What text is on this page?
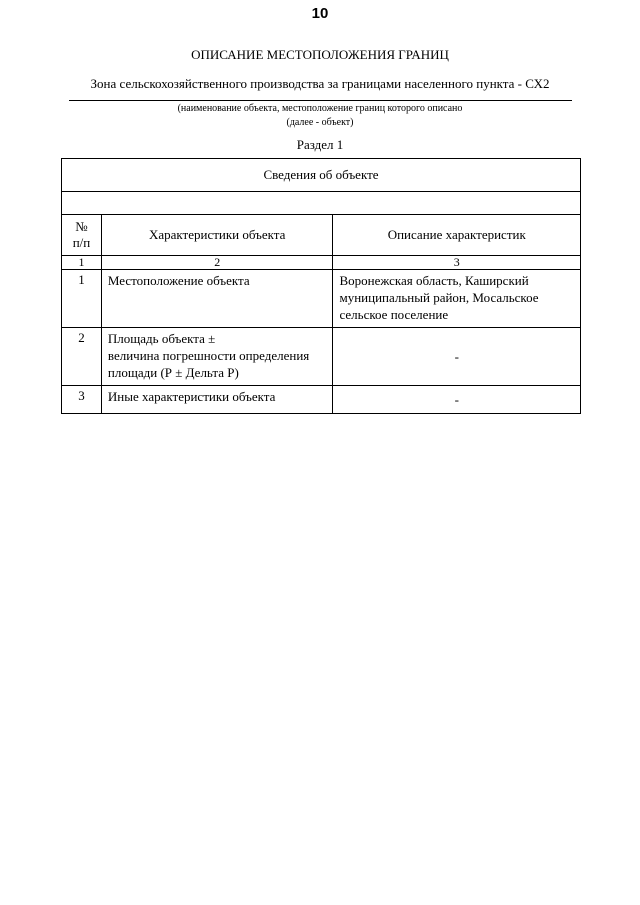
10
ОПИСАНИЕ МЕСТОПОЛОЖЕНИЯ ГРАНИЦ
Зона сельскохозяйственного производства за границами населенного пункта - СХ2
(наименование объекта, местоположение границ которого описано
(далее - объект)
Раздел 1
Сведения об объекте		

№
п/п	Характеристики объекта	Описание характеристик
1	2	3
1	Местоположение объекта	Воронежская область, Каширский
муниципальный район, Мосальское
сельское поселение

2	Площадь объекта ±
величина погрешности определения
площади (Р ± Дельта Р)	-
3	Иные характеристики объекта	-
